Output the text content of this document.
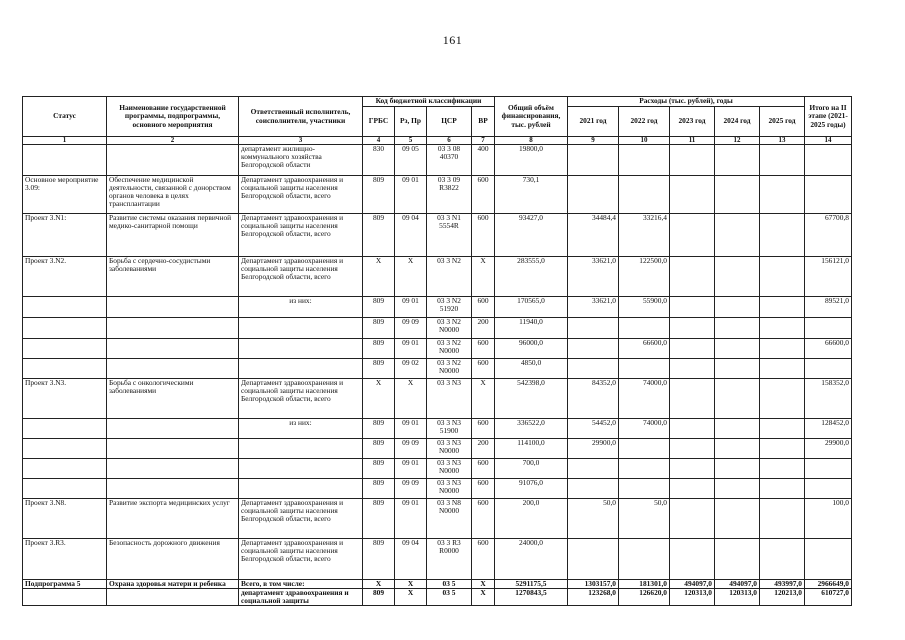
161
Статус	Наименование государственной программы, подпрограммы, основного мероприятия	Ответственный исполнитель, соисполнители, участники	Код бюджетной классификации				Общий объём финансирования, тыс. рублей	Расходы (тыс. рублей), годы					Итого на II этапе (2021-2025 годы)
			ГРБС	Рз, Пр	ЦСР	ВР		2021 год	2022 год	2023 год	2024 год	2025 год	
1	2	3	4	5	6	7	8	9	10	11	12	13	14
		департамент жилищно-коммунального хозяйства Белгородской области	830	09 05	03 3 08 40370	400	19800,0						
Основное мероприятие 3.09:	Обеспечение медицинской деятельности, связанной с донорством органов человека в целях трансплантации	Департамент здравоохранения и социальной защиты населения Белгородской области, всего	809	09 01	03 3 09 R3822	600	730,1						
Проект 3.N1:	Развитие системы оказания первичной медико-санитарной помощи	Департамент здравоохранения и социальной защиты населения Белгородской области, всего	809	09 04	03 3 N1 5554R	600	93427,0	34484,4	33216,4				67700,8
Проект 3.N2.	Борьба с сердечно-сосудистыми заболеваниями	Департамент здравоохранения и социальной защиты населения Белгородской области, всего	X	X	03 3 N2	X	283555,0	33621,0	122500,0				156121,0
		из них:	809	09 01	03 3 N2 51920	600	170565,0	33621,0	55900,0				89521,0
			809	09 09	03 3 N2 N0000	200	11940,0						
			809	09 01	03 3 N2 N0000	600	96000,0		66600,0				66600,0
			809	09 02	03 3 N2 N0000	600	4850,0						
Проект 3.N3.	Борьба с онкологическими заболеваниями	Департамент здравоохранения и социальной защиты населения Белгородской области, всего	X	X	03 3 N3	X	542398,0	84352,0	74000,0				158352,0
		из них:	809	09 01	03 3 N3 51900	600	336522,0	54452,0	74000,0				128452,0
			809	09 09	03 3 N3 N0000	200	114100,0	29900,0					29900,0
			809	09 01	03 3 N3 N0000	600	700,0						
			809	09 09	03 3 N3 N0000	600	91076,0						
Проект 3.N8.	Развитие экспорта медицинских услуг	Департамент здравоохранения и социальной защиты населения Белгородской области, всего	809	09 01	03 3 N8 N0000	600	200,0	50,0	50,0				100,0
Проект 3.R3.	Безопасность дорожного движения	Департамент здравоохранения и социальной защиты населения Белгородской области, всего	809	09 04	03 3 R3 R0000	600	24000,0						
Подпрограмма 5	Охрана здоровья матери и ребенка	Всего, в том числе:	X	X	03 5	X	5291175,5	1303157,0	181301,0	494097,0	494097,0	493997,0	2966649,0
		департамент здравоохранения и социальной защиты	809	X	03 5	X	1270843,5	123268,0	126620,0	120313,0	120313,0	120213,0	610727,0
